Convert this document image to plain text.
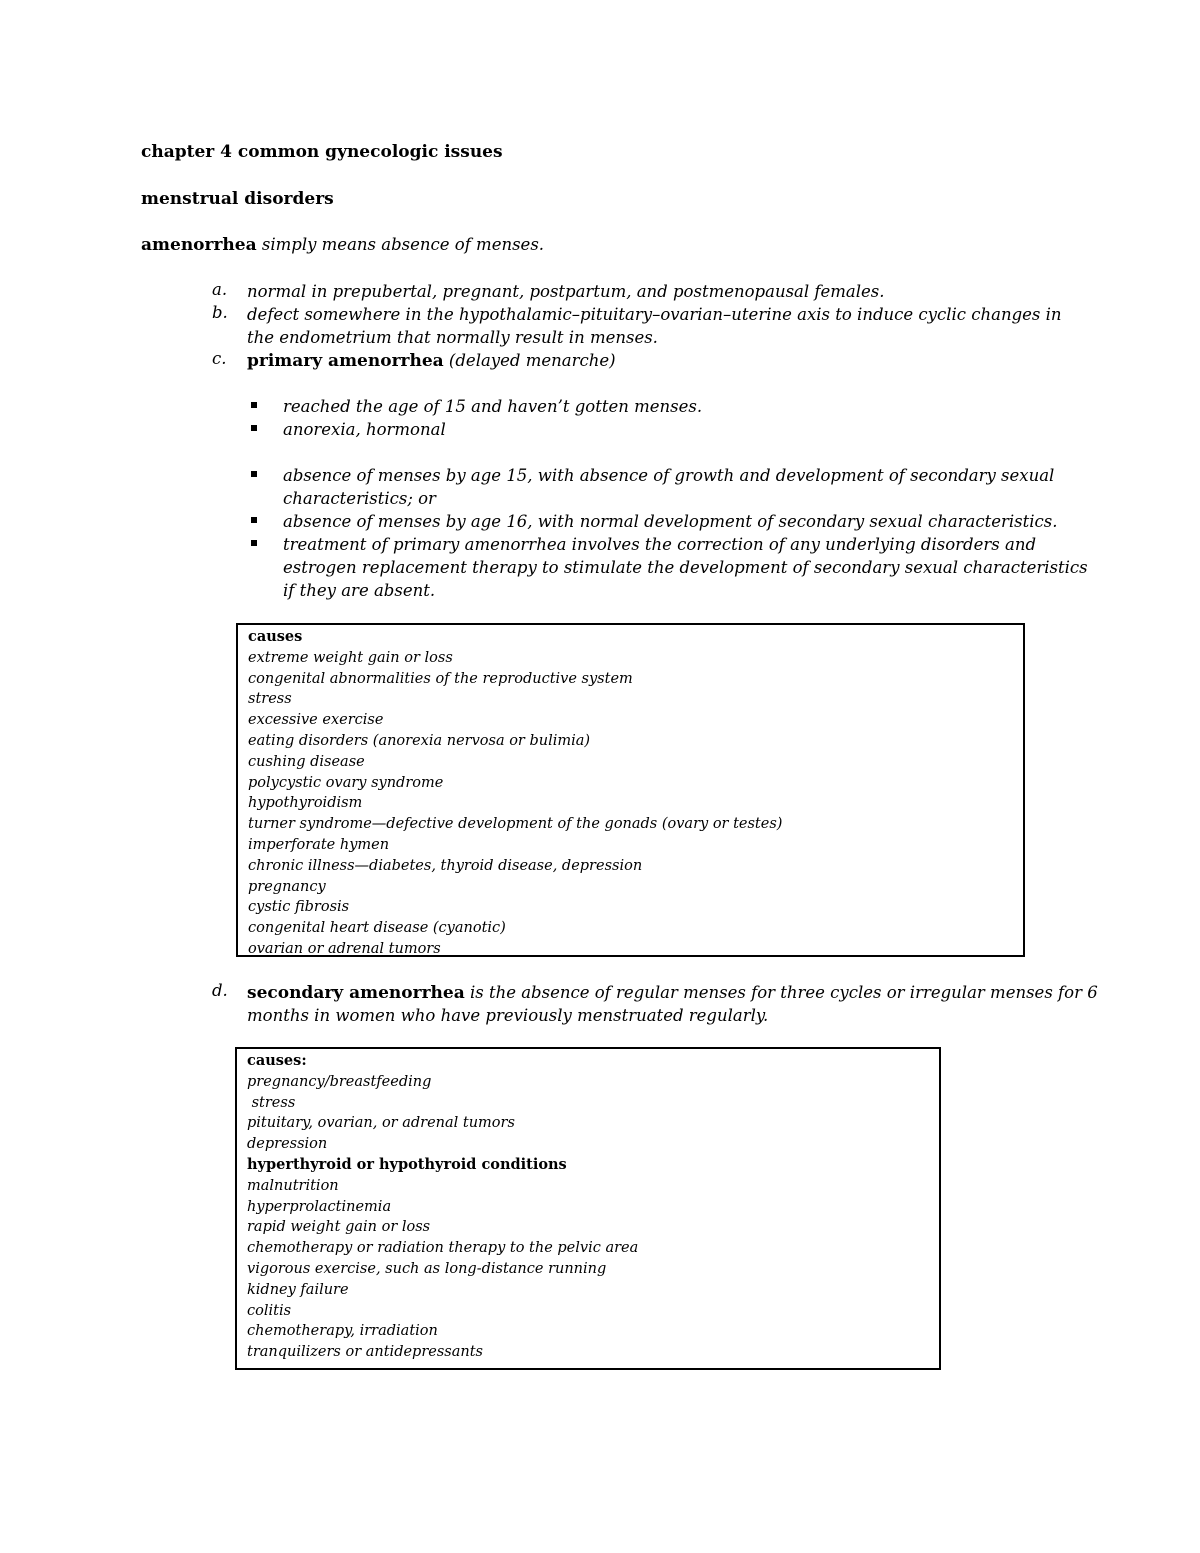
chapter 4 common gynecologic issues
menstrual disorders
amenorrhea simply means absence of menses.
a. normal in prepubertal, pregnant, postpartum, and postmenopausal females.
b. defect somewhere in the hypothalamic–pituitary–ovarian–uterine axis to induce cyclic changes in
the endometrium that normally result in menses.
c. primary amenorrhea (delayed menarche)
reached the age of 15 and haven’t gotten menses.
anorexia, hormonal
absence of menses by age 15, with absence of growth and development of secondary sexual
characteristics; or
absence of menses by age 16, with normal development of secondary sexual characteristics.
treatment of primary amenorrhea involves the correction of any underlying disorders and
estrogen replacement therapy to stimulate the development of secondary sexual characteristics
if they are absent.
causes
extreme weight gain or loss
congenital abnormalities of the reproductive system
stress
excessive exercise
eating disorders (anorexia nervosa or bulimia)
cushing disease
polycystic ovary syndrome
hypothyroidism
turner syndrome—defective development of the gonads (ovary or testes)
imperforate hymen
chronic illness—diabetes, thyroid disease, depression
pregnancy
cystic fibrosis
congenital heart disease (cyanotic)
ovarian or adrenal tumors
d. secondary amenorrhea is the absence of regular menses for three cycles or irregular menses for 6
months in women who have previously menstruated regularly.
causes:
pregnancy/breastfeeding
stress
pituitary, ovarian, or adrenal tumors
depression
hyperthyroid or hypothyroid conditions
malnutrition
hyperprolactinemia
rapid weight gain or loss
chemotherapy or radiation therapy to the pelvic area
vigorous exercise, such as long-distance running
kidney failure
colitis
chemotherapy, irradiation
tranquilizers or antidepressants
